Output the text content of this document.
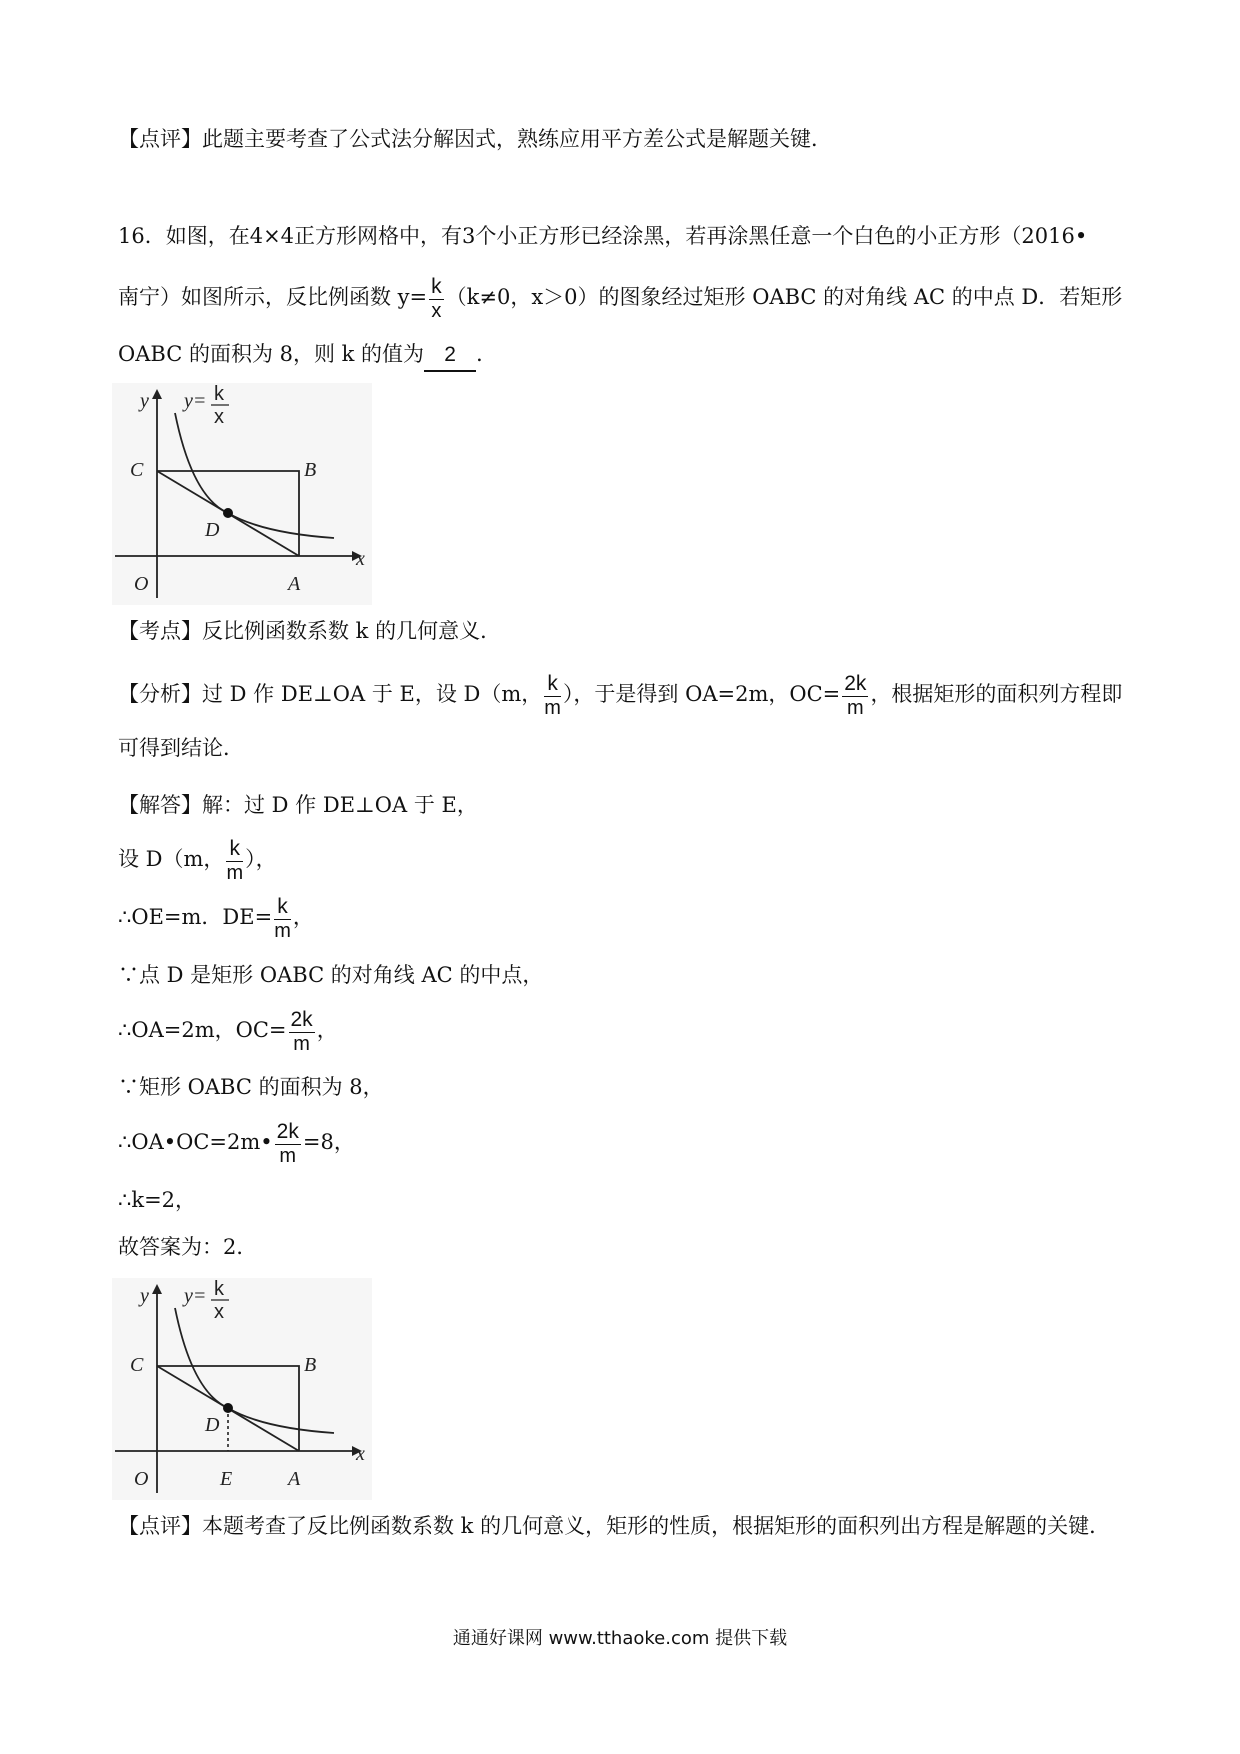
【点评】此题主要考查了公式法分解因式，熟练应用平方差公式是解题关键．
16．如图，在4×4正方形网格中，有3个小正方形已经涂黑，若再涂黑任意一个白色的小正方形（2016•
南宁）如图所示，反比例函数 $y= \frac{k}{x} (k\ne 0$，x＞0）的图象经过矩形 OABC 的对角线 AC 的中点 D．若矩形
OABC 的面积为 8，则 k 的值为 2 ．
y
x
O	A
B
C
D
y= k
x
【考点】反比例函数系数 k 的几何意义．
【分析】过 D 作 DE⊥OA 于 E，设 D（m， $\frac{k}{m}$ ），于是得到 OA=2m，$OC= \frac{2k}{m}$ ，根据矩形的面积列方程即
可得到结论．
【解答】解：过 D 作 DE⊥OA 于 E，
设 D（m， $\frac{k}{m}$ ），
∴OE=m．$DE= \frac{k}{m}$ ，
∵点 D 是矩形 OABC 的对角线 AC 的中点，
∴OA=2m，$OC= \frac{2k}{m}$ ，
∵矩形 OABC 的面积为 8，
∴OA•OC=2m• $\frac{2k}{m} =8$，
∴k=2，
故答案为：2．
y
x
O	A
B
C
D
E
y= k
x
【点评】本题考查了反比例函数系数 k 的几何意义，矩形的性质，根据矩形的面积列出方程是解题的关键．
通通好课网 www.tthaoke.com 提供下载
